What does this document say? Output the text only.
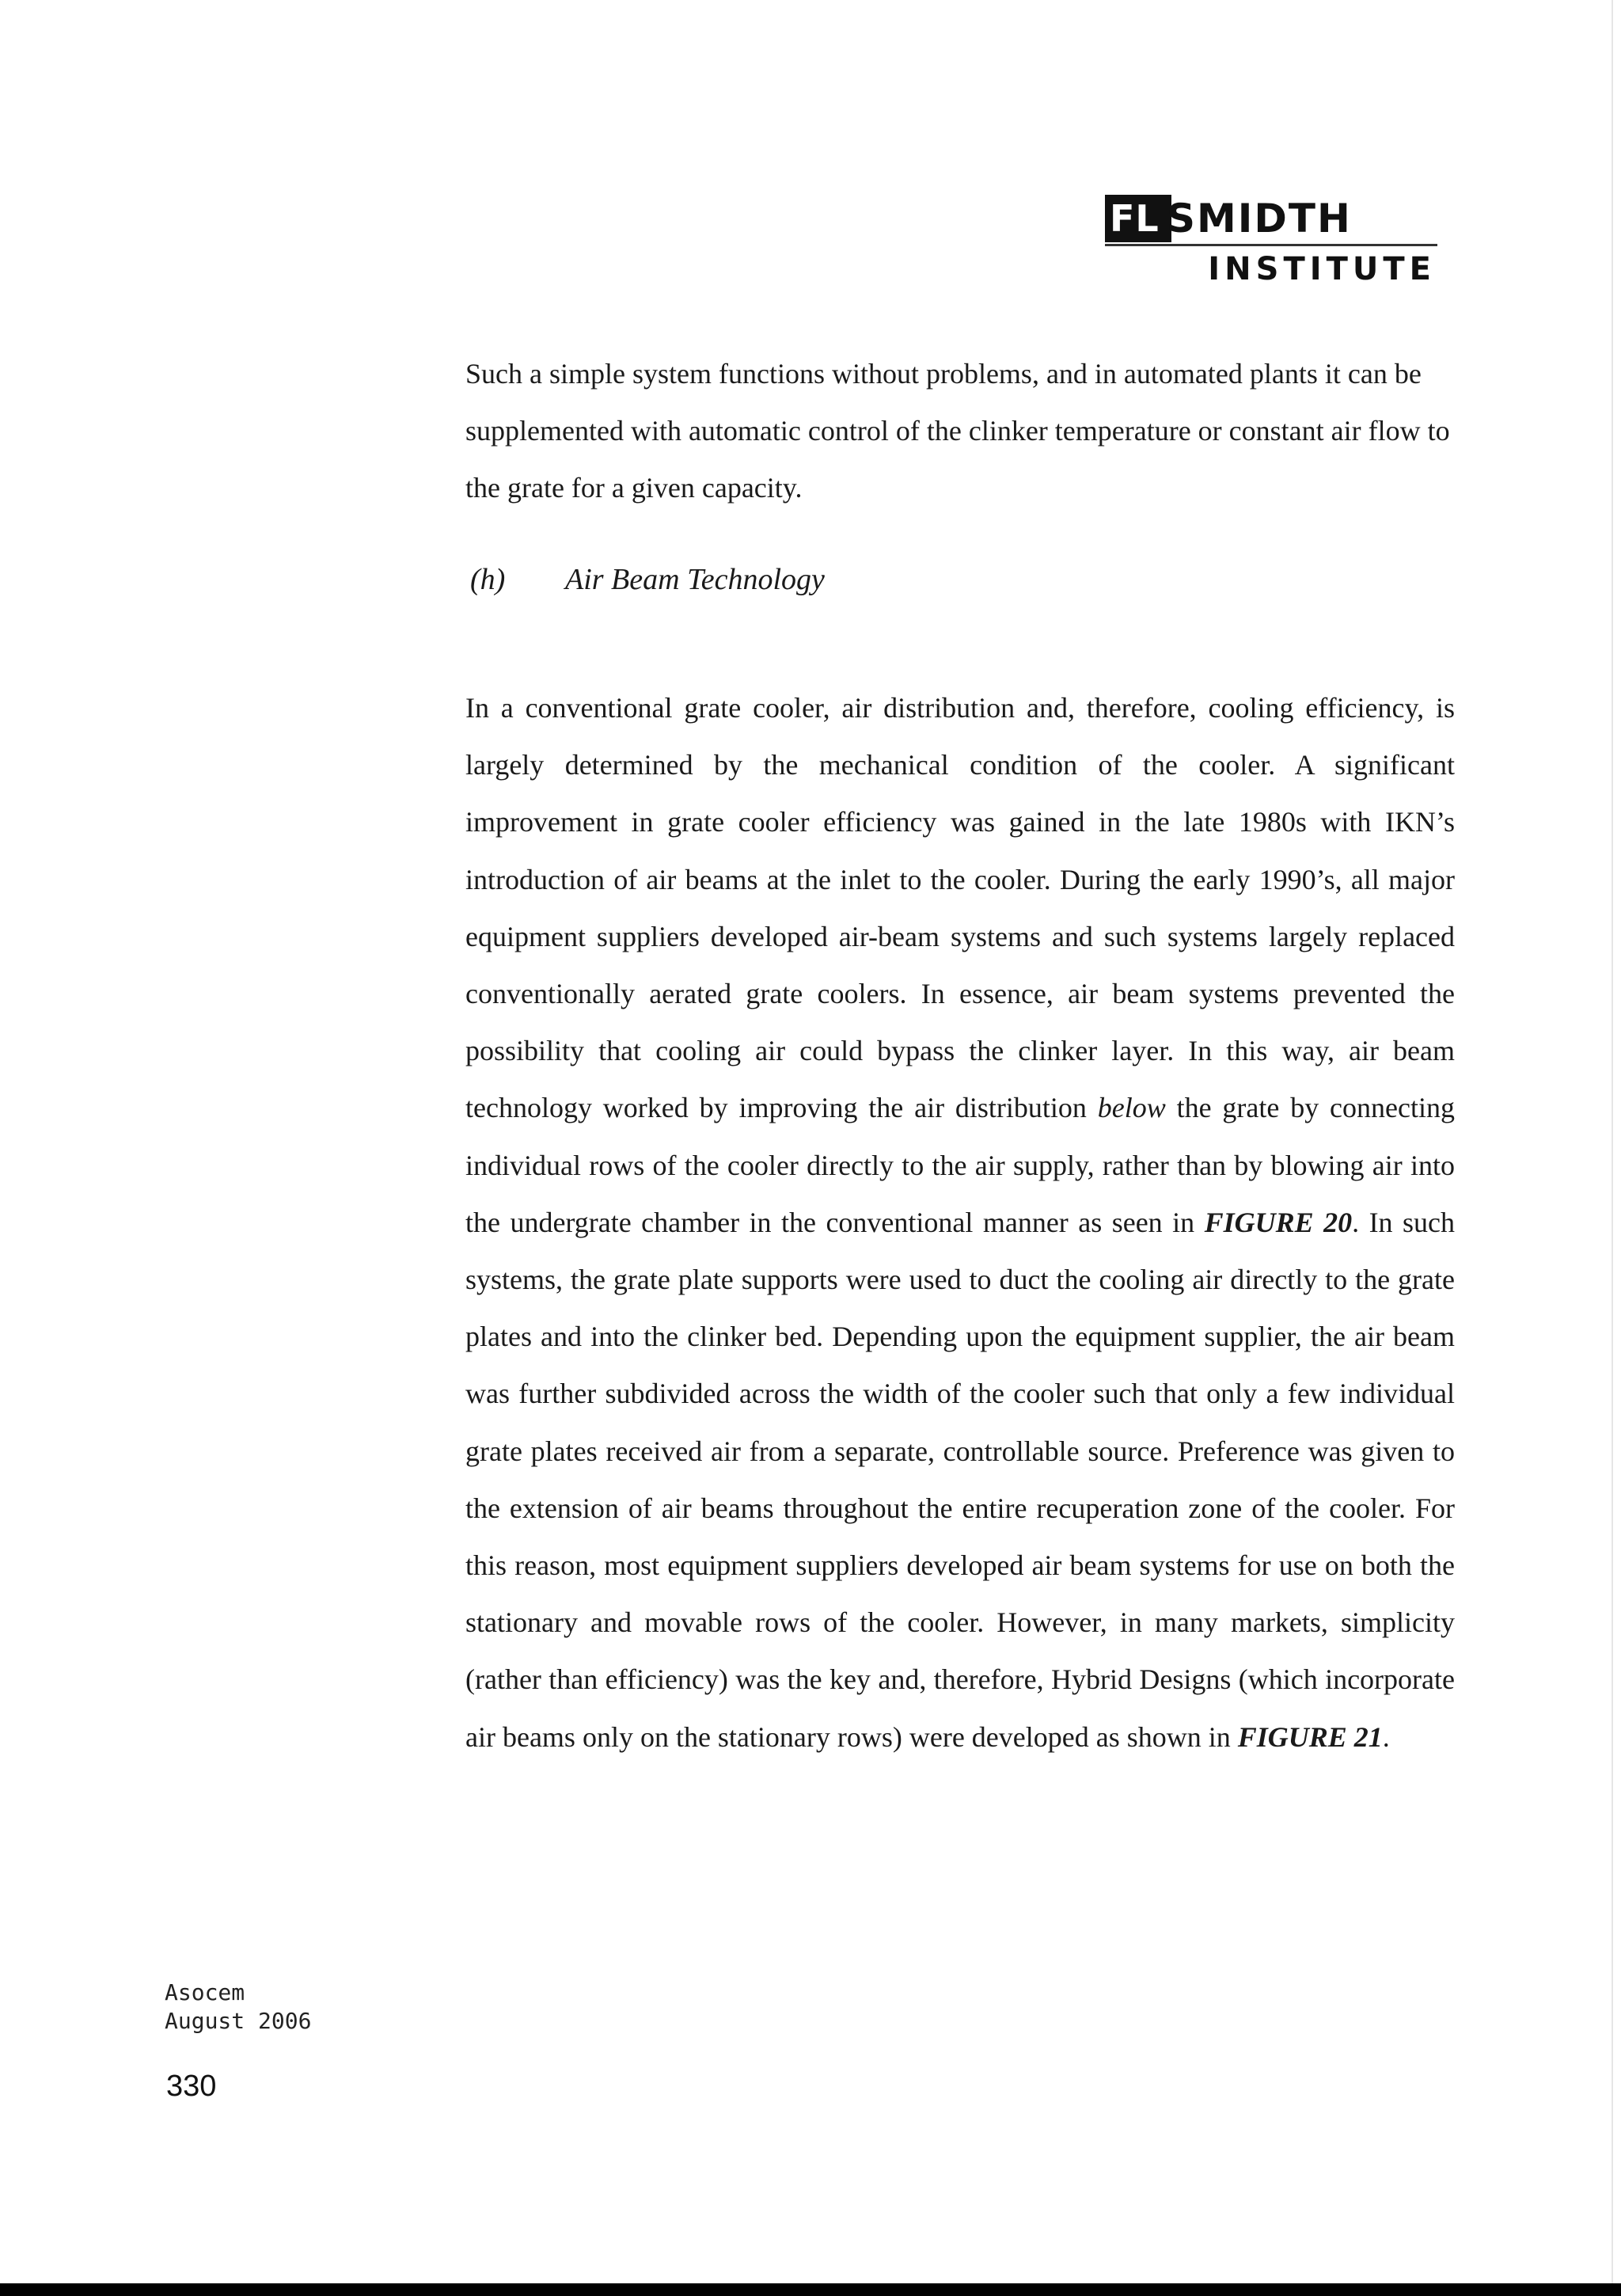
FL SMIDTH
INSTITUTE
Such a simple system functions without problems, and in automated plants it can be supplemented with automatic control of the clinker temperature or constant air flow to the grate for a given capacity.
(h) Air Beam Technology
In a conventional grate cooler, air distribution and, therefore, cooling efficiency, is largely determined by the mechanical condition of the cooler. A significant improvement in grate cooler efficiency was gained in the late 1980s with IKN’s introduction of air beams at the inlet to the cooler. During the early 1990’s, all major equipment suppliers developed air-beam systems and such systems largely replaced conventionally aerated grate coolers. In essence, air beam systems prevented the possibility that cooling air could bypass the clinker layer. In this way, air beam technology worked by improving the air distribution below the grate by connecting individual rows of the cooler directly to the air supply, rather than by blowing air into the undergrate chamber in the conventional manner as seen in FIGURE 20. In such systems, the grate plate supports were used to duct the cooling air directly to the grate plates and into the clinker bed. Depending upon the equipment supplier, the air beam was further subdivided across the width of the cooler such that only a few individual grate plates received air from a separate, controllable source. Preference was given to the extension of air beams throughout the entire recuperation zone of the cooler. For this reason, most equipment suppliers developed air beam systems for use on both the stationary and movable rows of the cooler. However, in many markets, simplicity (rather than efficiency) was the key and, therefore, Hybrid Designs (which incorporate air beams only on the stationary rows) were developed as shown in FIGURE 21.
Asocem
August 2006
330
